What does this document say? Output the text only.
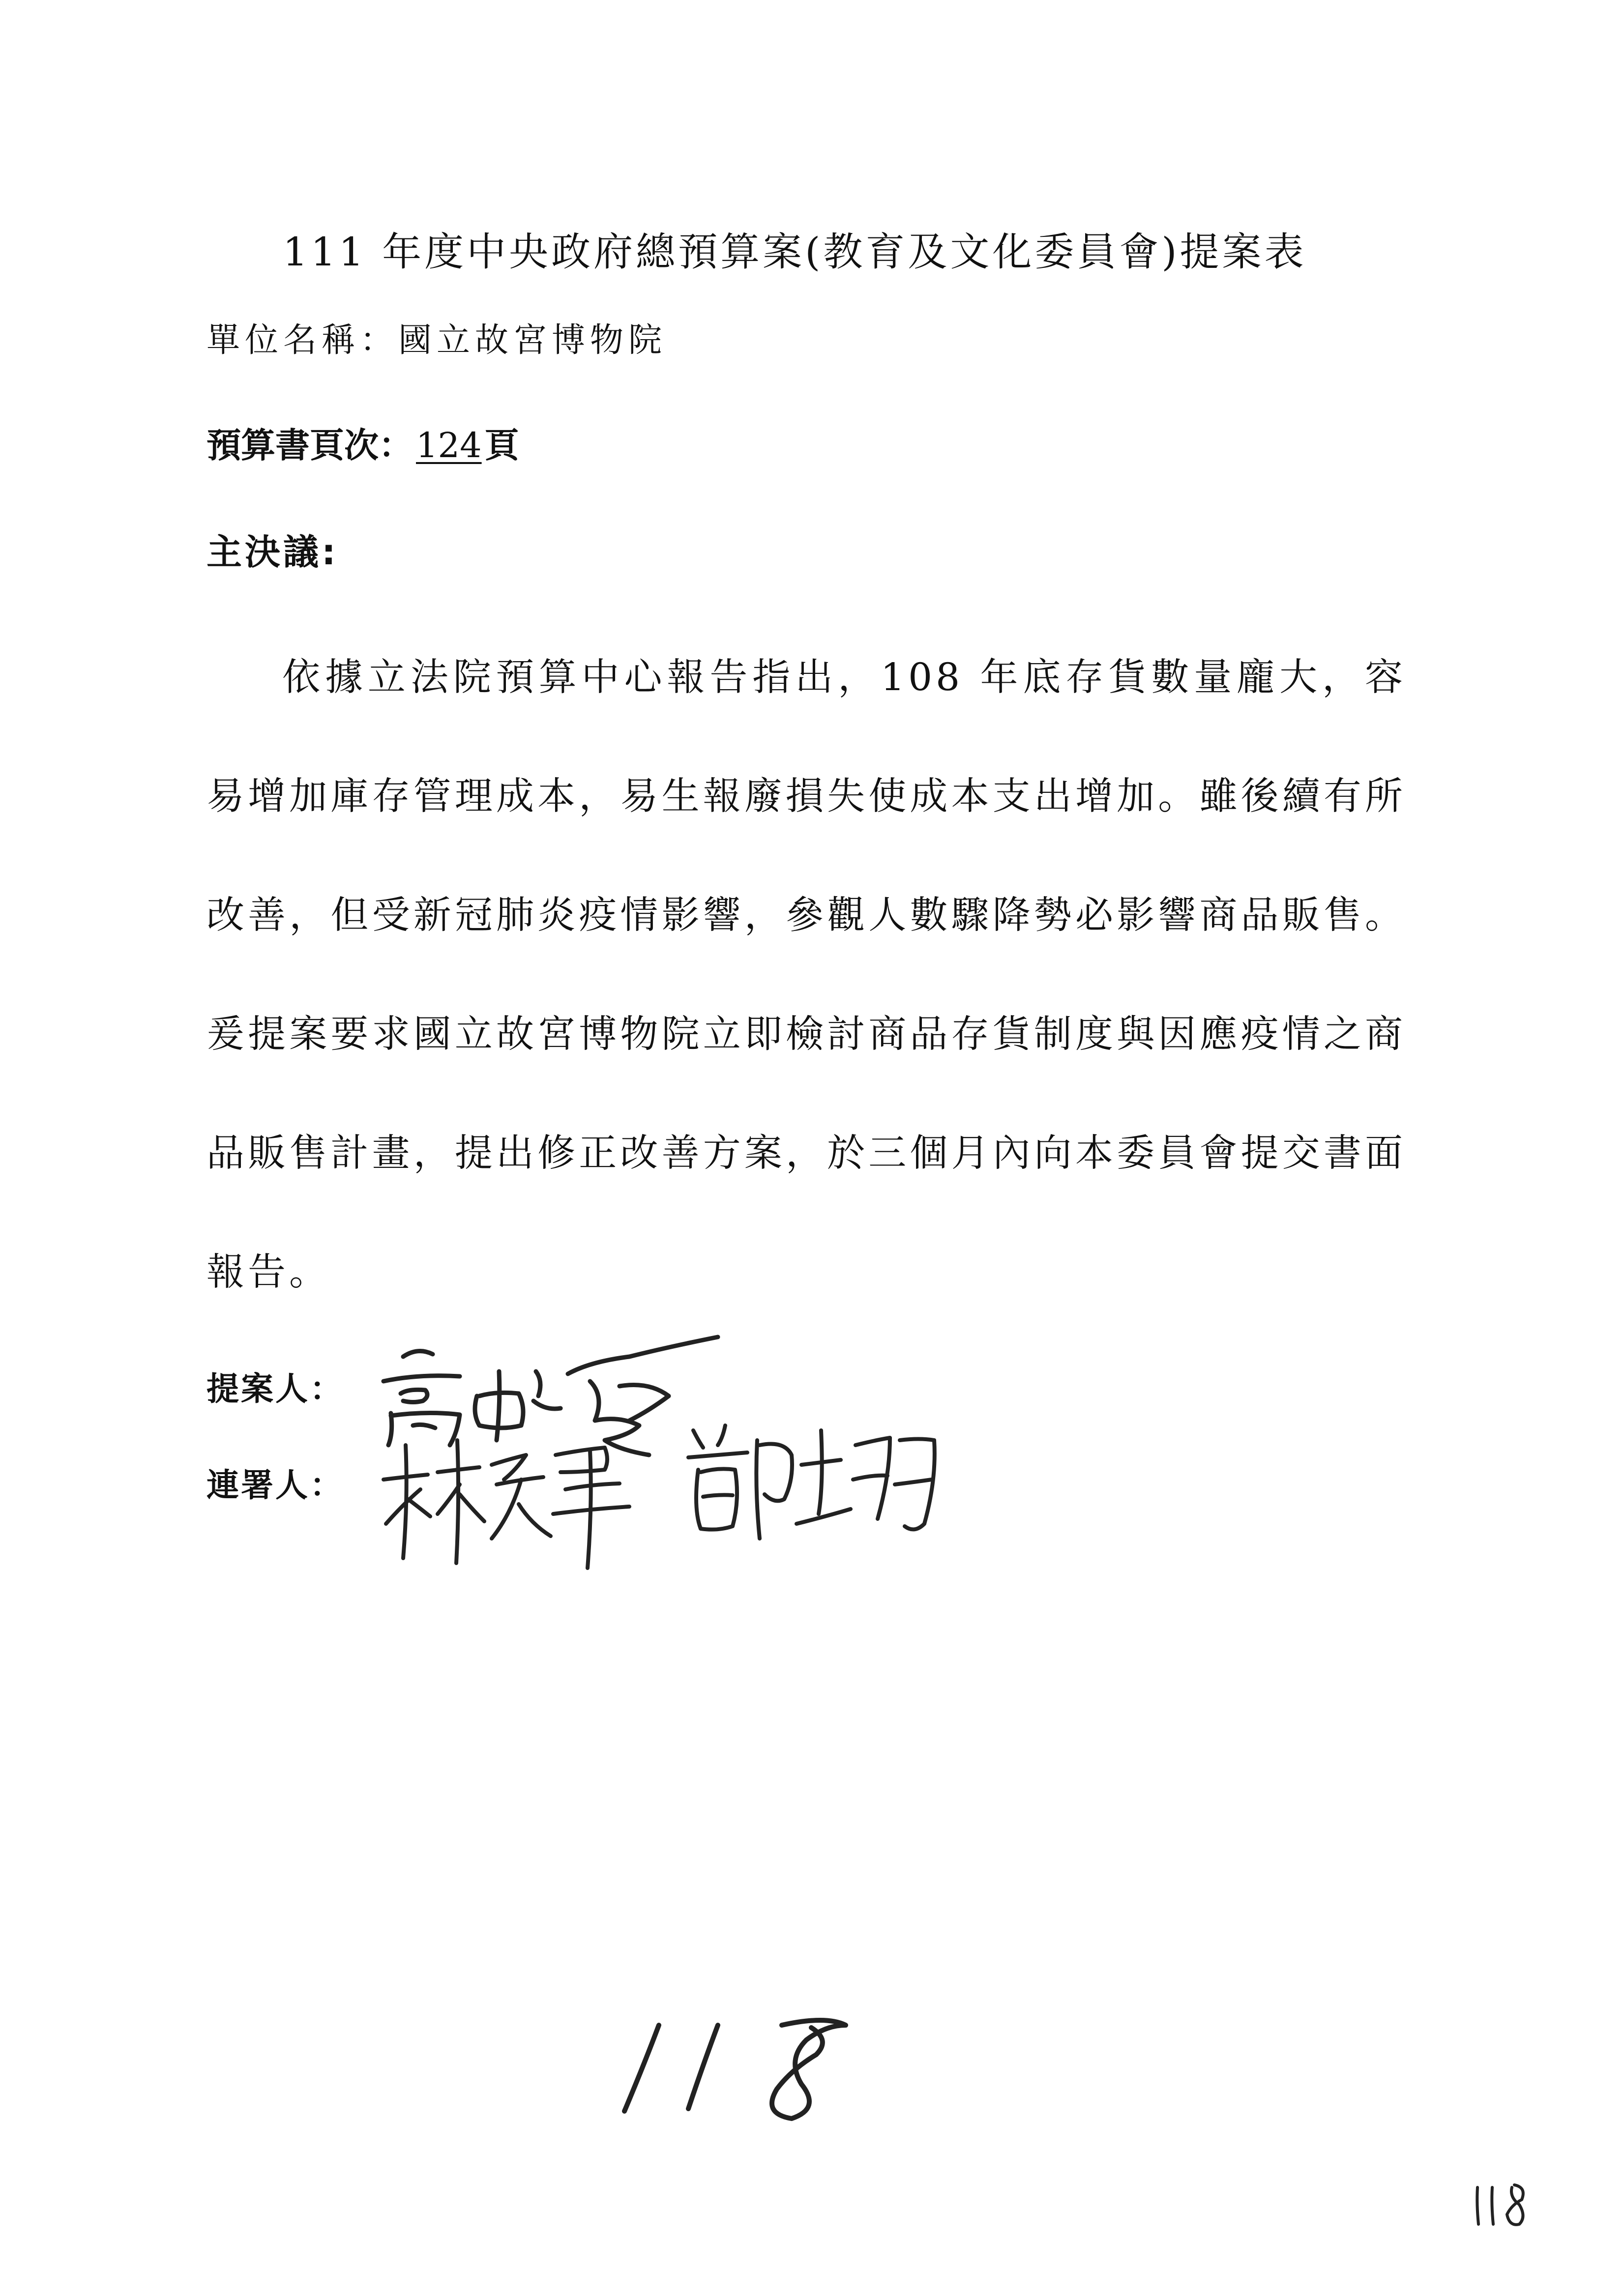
111 年度中央政府總預算案(教育及文化委員會)提案表
單位名稱：國立故宮博物院
預算書頁次：124頁
主決議:

依據立法院預算中心報告指出，108 年底存貨數量龐大，容易增加庫存管理成本，易生報廢損失使成本支出增加。雖後續有所改善，但受新冠肺炎疫情影響，參觀人數驟降勢必影響商品販售。爰提案要求國立故宮博物院立即檢討商品存貨制度與因應疫情之商品販售計畫，提出修正改善方案，於三個月內向本委員會提交書面報告。

提案人：
連署人：
